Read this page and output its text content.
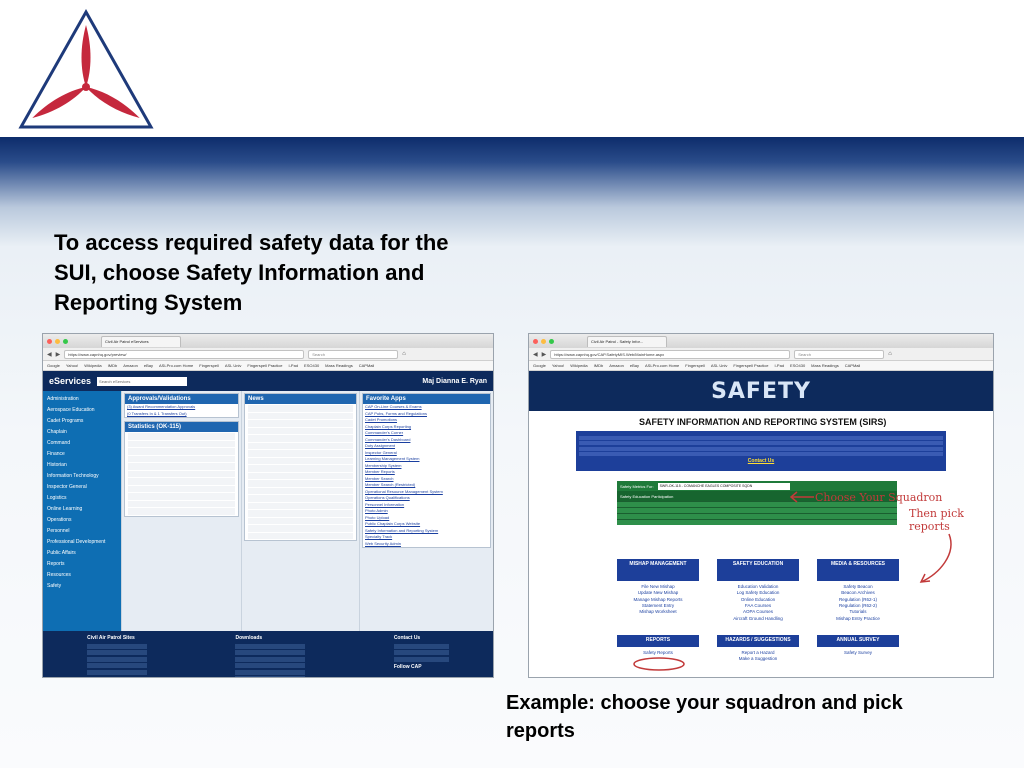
To access required safety data for the SUI, choose Safety Information and Reporting System
Civil Air Patrol eServices
◀ ▶	https://www.capnhq.gov/preview/	Search	⌂
Google Yahoo! Wikipedia IMDb Amazon eBay ASLPro.com Home Fingerspell ASL Univ Fingerspell Practice I-Pad ESO430 Mass Readings CAPMail
eServices	Search eServices	Maj Dianna E. Ryan
Administration
Aerospace Education
Cadet Programs
Chaplain
Command
Finance
Historian
Information Technology
Inspector General
Logistics
Online Learning
Operations
Personnel
Professional Development
Public Affairs
Reports
Resources
Safety
Approvals/Validations
(3) Award Recommendation Approvals
(0 Transfers In & 1 Transfers Out)
Statistics (OK-115)
News	Favorite Apps
CAP On-Line Courses & Exams
CAP Pubs, Forms and Regulations
Cadet Promotions
Chaplain Corps Reporting
Commander's Corner
Commander's Dashboard
Duty Assignment
Inspector General
Learning Management System
Membership System
Member Reports
Member Search
Member Search (Restricted)
Operational Resource Management System
Operations Qualifications
Personnel Information
Photo Admin
Photo Upload
Public Chaplain Corps Website
Safety Information and Reporting System
Specialty Track
Web Security Admin
Civil Air Patrol Sites	Downloads	Contact Us
Follow CAP
Civil Air Patrol - Safety Infor...
◀ ▶	https://www.capnhq.gov/CAP.SafetyMIS.Web/MainHome.aspx	Search	⌂
Google Yahoo! Wikipedia IMDb Amazon eBay ASLPro.com Home Fingerspell ASL Univ Fingerspell Practice I-Pad ESO430 Mass Readings CAPMail
SAFETY
SAFETY INFORMATION AND REPORTING SYSTEM (SIRS)
Contact Us
Safety Metrics For:	SWR-OK-115 - COMANCHE EAGLES COMPOSITE SQDN
Safety Education Participation
MISHAP MANAGEMENT
File New Mishap
Update New Mishap
Manage Mishap Reports
Statement Entry
Mishap Worksheet
SAFETY EDUCATION
Education Validation
Log Safety Education
Online Education
FAA Courses
AOPA Courses
Aircraft Ground Handling
MEDIA & RESOURCES
Safety Beacon
Beacon Archives
Regulation (R62-1)
Regulation (R62-2)
Tutorials
Mishap Entry Practice
REPORTS
Safety Reports
HAZARDS / SUGGESTIONS
Report a Hazard
Make a Suggestion
ANNUAL SURVEY
Safety Survey
Choose Your Squadron
Then pick reports
Example: choose your squadron and pick reports
